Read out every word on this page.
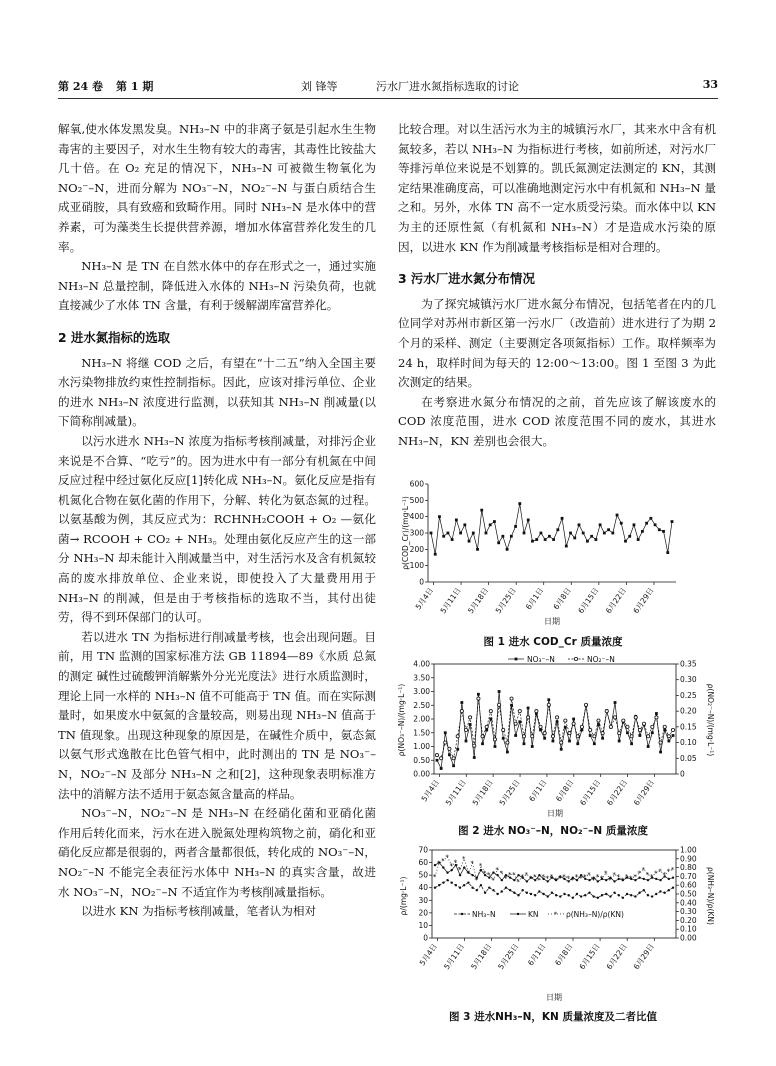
第 24 卷 第 1 期	刘 锋等	污水厂进水氮指标选取的讨论	33

解氧,使水体发黑发臭。NH₃–N 中的非离子氨是引起水生生物毒害的主要因子，对水生生物有较大的毒害，其毒性比铵盐大几十倍。在 O₂ 充足的情况下，NH₃–N 可被微生物氧化为 NO₂⁻–N，进而分解为 NO₃⁻–N，NO₂⁻–N 与蛋白质结合生成亚硝胺，具有致癌和致畸作用。同时 NH₃–N 是水体中的营养素，可为藻类生长提供营养源，增加水体富营养化发生的几率。

NH₃–N 是 TN 在自然水体中的存在形式之一，通过实施 NH₃–N 总量控制，降低进入水体的 NH₃–N 污染负荷，也就直接减少了水体 TN 含量，有利于缓解湖库富营养化。

2 进水氮指标的选取

NH₃–N 将继 COD 之后，有望在“十二五”纳入全国主要水污染物排放约束性控制指标。因此，应该对排污单位、企业的进水 NH₃–N 浓度进行监测，以获知其 NH₃–N 削减量(以下简称削减量)。

以污水进水 NH₃–N 浓度为指标考核削减量，对排污企业来说是不合算、“吃亏”的。因为进水中有一部分有机氮在中间反应过程中经过氨化反应[1]转化成 NH₃–N。氨化反应是指有机氮化合物在氨化菌的作用下，分解、转化为氨态氮的过程。以氨基酸为例，其反应式为：RCHNH₂COOH + O₂ —氨化菌→ RCOOH + CO₂ + NH₃。处理由氨化反应产生的这一部分 NH₃–N 却未能计入削减量当中，对生活污水及含有机氮较高的废水排放单位、企业来说，即使投入了大量费用用于 NH₃–N 的削减，但是由于考核指标的选取不当，其付出徒劳，得不到环保部门的认可。

若以进水 TN 为指标进行削减量考核，也会出现问题。目前，用 TN 监测的国家标准方法 GB 11894—89《水质 总氮的测定 碱性过硫酸钾消解紫外分光光度法》进行水质监测时，理论上同一水样的 NH₃–N 值不可能高于 TN 值。而在实际测量时，如果废水中氨氮的含量较高，则易出现 NH₃–N 值高于 TN 值现象。出现这种现象的原因是，在碱性介质中，氨态氮以氨气形式逸散在比色管气相中，此时测出的 TN 是 NO₃⁻–N，NO₂⁻–N 及部分 NH₃–N 之和[2]，这种现象表明标准方法中的消解方法不适用于氨态氮含量高的样品。

NO₃⁻–N，NO₂⁻–N 是 NH₃–N 在经硝化菌和亚硝化菌作用后转化而来，污水在进入脱氮处理构筑物之前，硝化和亚硝化反应都是很弱的，两者含量都很低，转化成的 NO₃⁻–N，NO₂⁻–N 不能完全表征污水体中 NH₃–N 的真实含量，故进水 NO₃⁻–N，NO₂⁻–N 不适宜作为考核削减量指标。

以进水 KN 为指标考核削减量，笔者认为相对

比较合理。对以生活污水为主的城镇污水厂，其来水中含有机氮较多，若以 NH₃–N 为指标进行考核，如前所述，对污水厂等排污单位来说是不划算的。凯氏氮测定法测定的 KN，其测定结果准确度高，可以准确地测定污水中有机氮和 NH₃–N 量之和。另外，水体 TN 高不一定水质受污染。而水体中以 KN 为主的还原性氮（有机氮和 NH₃–N）才是造成水污染的原因，以进水 KN 作为削减量考核指标是相对合理的。

3 污水厂进水氮分布情况

为了探究城镇污水厂进水氮分布情况，包括笔者在内的几位同学对苏州市新区第一污水厂（改造前）进水进行了为期 2 个月的采样、测定（主要测定各项氮指标）工作。取样频率为 24 h，取样时间为每天的 12:00～13:00。图 1 至图 3 为此次测定的结果。

在考察进水氮分布情况的之前，首先应该了解该废水的 COD 浓度范围，进水 COD 浓度范围不同的废水，其进水 NH₃–N，KN 差别也会很大。

600
500
400
300
200
100
0
ρ(COD_Cr)/(mg·L⁻¹)
5月4日 5月11日 5月18日 5月25日 6月1日 6月8日 6月15日 6月22日 6月29日
日期
图 1 进水 COD_Cr 质量浓度
4.00
3.50
3.00
2.50
2.00
1.50
1.00
0.50
0.00
0.35
0.30
0.25
0.20
0.15
0.10
0.05
0
ρ(NO₃⁻–N)/(mg·L⁻¹)	ρ(NO₂⁻–N)/(mg·L⁻¹)
NO₃⁻–N	NO₂⁻–N
5月4日 5月11日 5月18日 5月25日 6月1日 6月8日 6月15日 6月22日 6月29日
日期
图 2 进水 NO₃⁻–N，NO₂⁻–N 质量浓度
70
60
50
40
30
20
10
0
1.00
0.90
0.80
0.70
0.60
0.50
0.40
0.30
0.20
0.10
0.00
ρ/(mg·L⁻¹)	ρ(NH₃–N)/ρ(KN)
*
* * *
* *
*
*
*
*
*
*
* *
*
* *
* * *
*
* * * * * * * * * * * * * * * * *
* * *
*
*
* * * * * * * *
* * * * * * *
NH₃–N	KN * ρ(NH₃–N)/ρ(KN)
5月4日 5月11日 5月18日 5月25日 6月1日 6月8日 6月15日 6月22日 6月29日
日期
图 3 进水NH₃–N，KN 质量浓度及二者比值
